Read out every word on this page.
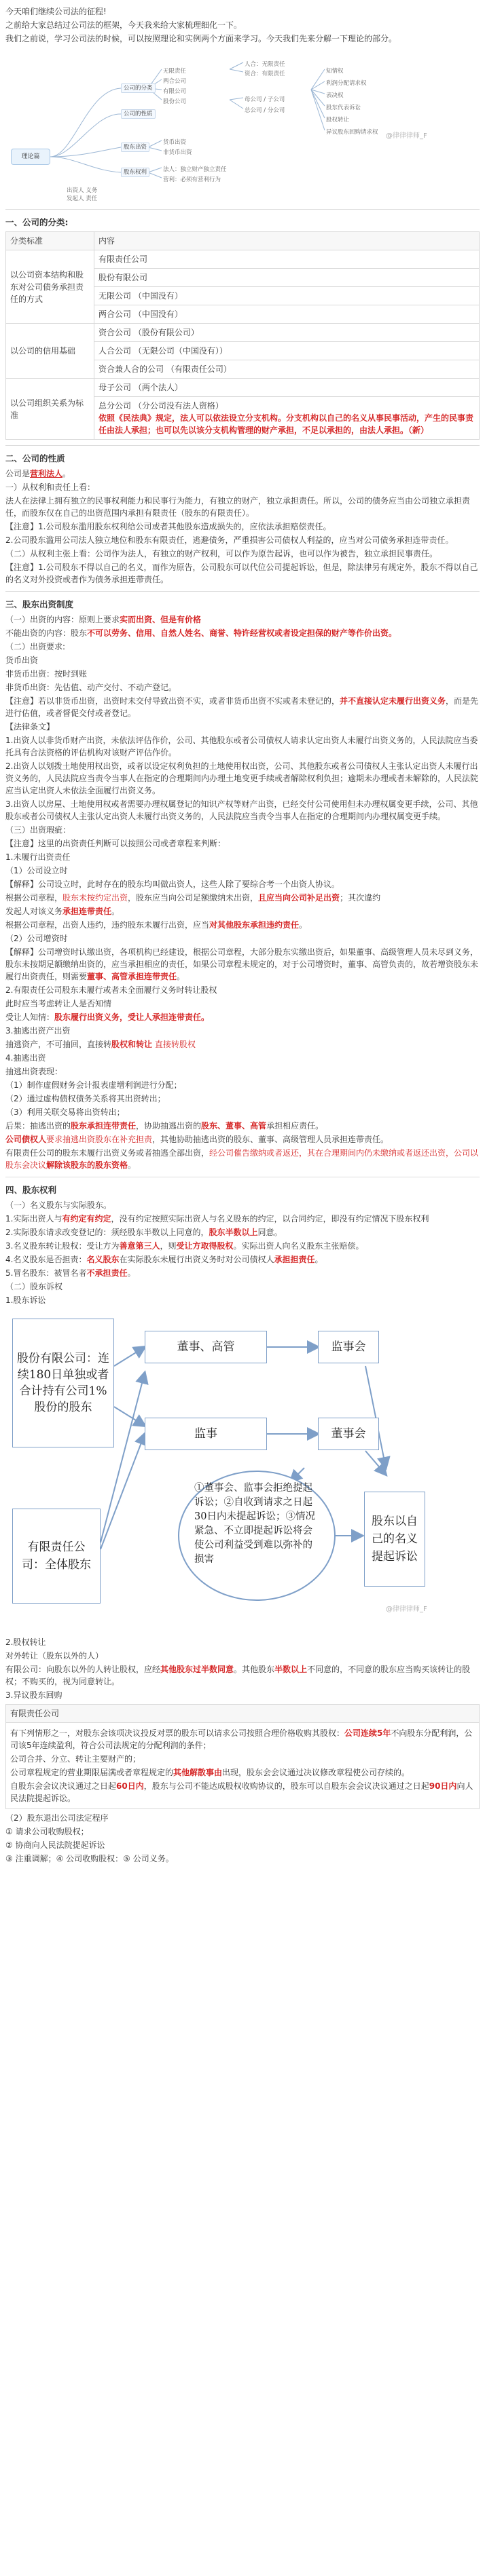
今天咱们继续公司法的征程!

之前给大家总结过公司法的框架，今天我来给大家梳理细化一下。

我们之前说，学习公司法的时候，可以按照理论和实例两个方面来学习。今天我们先来分解一下理论的部分。

理论篇
公司的分类
公司的性质
股东出资
股东权利
无限责任
两合公司
有限公司
股份公司
人合：无限责任
资合：有限责任
母公司 / 子公司
总公司 / 分公司
知情权
利润分配请求权
表决权
股东代表诉讼
股权转让
异议股东回购请求权
货币出资
非货币出资
法人：独立财产独立责任
营利：必须有营利行为
出资人 义务
发起人 责任
@律律律师_F
一、公司的分类:
分类标准	内容
以公司资本结构和股东对公司债务承担责任的方式	有限责任公司
	股份有限公司
	无限公司 （中国没有）
	两合公司 （中国没有）
以公司的信用基础	资合公司 （股份有限公司）
	人合公司 （无限公司（中国没有））
	资合兼人合的公司 （有限责任公司）
以公司组织关系为标准	母子公司 （两个法人）

	总分公司 （分公司没有法人资格）
依照《民法典》规定，法人可以依法设立分支机构。分支机构以自己的名义从事民事活动，产生的民事责任由法人承担；也可以先以该分支机构管理的财产承担，不足以承担的，由法人承担。（新）
二、公司的性质

公司是营利法人。

一）从权利和责任上看：

法人在法律上拥有独立的民事权利能力和民事行为能力，有独立的财产，独立承担责任。所以，公司的债务应当由公司独立承担责任，而股东仅在自己的出资范围内承担有限责任（股东的有限责任）。

【注意】1.公司股东滥用股东权利给公司或者其他股东造成损失的，应依法承担赔偿责任。

2.公司股东滥用公司法人独立地位和股东有限责任，逃避债务，严重损害公司债权人利益的，应当对公司债务承担连带责任。

（二）从权利主张上看：公司作为法人，有独立的财产权利，可以作为原告起诉，也可以作为被告，独立承担民事责任。

【注意】1.公司股东不得以自己的名义，而作为原告，公司股东可以代位公司提起诉讼，但是，除法律另有规定外，股东不得以自己的名义对外投资或者作为债务承担连带责任。

三、股东出资制度

（一）出资的内容：原则上要求实而出资、但是有价格

不能出资的内容：股东不可以劳务、信用、自然人姓名、商誉、特许经营权或者设定担保的财产等作价出资。

（二）出资要求:

货币出资

非货币出资：按时到账

非货币出资：先估值、动产交付、不动产登记。

【注意】若以非货币出资，出资时未交付导致出资不实，或者非货币出资不实或者未登记的，并不直接认定未履行出资义务，而是先进行估值，或者督促交付或者登记。

【法律条文】

1.出资人以非货币财产出资，未依法评估作价，公司、其他股东或者公司债权人请求认定出资人未履行出资义务的，人民法院应当委托具有合法资格的评估机构对该财产评估作价。

2.出资人以划拨土地使用权出资，或者以设定权利负担的土地使用权出资，公司、其他股东或者公司债权人主张认定出资人未履行出资义务的，人民法院应当责令当事人在指定的合理期间内办理土地变更手续或者解除权利负担；逾期未办理或者未解除的，人民法院应当认定出资人未依法全面履行出资义务。

3.出资人以房屋、土地使用权或者需要办理权属登记的知识产权等财产出资，已经交付公司使用但未办理权属变更手续，公司、其他股东或者公司债权人主张认定出资人未履行出资义务的，人民法院应当责令当事人在指定的合理期间内办理权属变更手续。

（三）出资瑕疵：

【注意】这里的出资责任判断可以按照公司或者章程来判断：

1.未履行出资责任

（1）公司设立时

【解释】公司设立时，此时存在的股东均叫做出资人，这些人除了要综合考一个出资人协议。

根据公司章程，股东未按约定出资，股东应当向公司足额缴纳未出资，且应当向公司补足出资；其次違约

发起人对该义务承担连带责任。

根据公司章程，出资人违约，违约股东未履行出资，应当对其他股东承担违约责任。

（2）公司增资时

【解释】公司增资时认缴出资，各项机构已经建设，根据公司章程，大部分股东实缴出资后，如果董事、高级管理人员未尽到义务，股东未按期足额缴纳出资的，应当承担相应的责任，如果公司章程未规定的，对于公司增资时，董事、高管负责的，故若增资股东未履行出资责任，则需要董事、高管承担连带责任。

2.有限责任公司股东未履行或者未全面履行义务时转让股权

此时应当考虑转让人是否知情

受让人知情：股东履行出资义务，受让人承担连带责任。

3.抽逃出资产出资

抽逃资产，不可抽回，直接转股权和转让 直接转股权

4.抽逃出资

抽逃出资表现：

（1）制作虚假财务会计报表虚增利润进行分配；

（2）通过虚构债权债务关系将其出资转出；

（3）利用关联交易将出资转出；

后果：抽逃出资的股东承担连带责任，协助抽逃出资的股东、董事、高管承担相应责任。

公司债权人要求抽逃出资股东在补充担责，其他协助抽逃出资的股东、董事、高级管理人员承担连带责任。

有限责任公司的股东未履行出资义务或者抽逃全部出资，经公司催告缴纳或者返还，其在合理期间内仍未缴纳或者返还出资，公司以股东会决议解除该股东的股东资格。

四、股东权利

（一）名义股东与实际股东。

1.实际出资人与有约定有约定，没有约定按照实际出资人与名义股东的约定，以合同约定，即没有约定情况下股东权利

2.实际股东请求改变登记的：须经股东半数以上同意的，股东半数以上同意。

3.名义股东转让股权：受让方为善意第三人，则受让方取得股权。实际出资人向名义股东主张赔偿。

4.名义股东是否担责：名义股东在实际股东未履行出资义务时对公司债权人承担担责任。

5.冒名股东：被冒名者不承担责任。

（二）股东诉权

1.股东诉讼

股份有限公司：连续180日单独或者合计持有公司1%股份的股东
有限责任公司：全体股东
董事、高管
监事
监事会
董事会
①董事会、监事会拒绝提起诉讼；②自收到请求之日起30日内未提起诉讼；③情况紧急、不立即提起诉讼将会使公司利益受到难以弥补的损害
股东以自己的名义提起诉讼
@律律律师_F

2.股权转让

对外转让（股东以外的人）

有限公司：向股东以外的人转让股权，应经其他股东过半数同意。其他股东半数以上不同意的，不同意的股东应当购买该转让的股权；不购买的，视为同意转让。

3.异议股东回购

有限责任公司

有下列情形之一，对股东会该项决议投反对票的股东可以请求公司按照合理价格收购其股权：公司连续5年不向股东分配利润，公司该5年连续盈利，符合公司法规定的分配利润的条件；

公司合并、分立、转让主要财产的；

公司章程规定的营业期限届满或者章程规定的其他解散事由出现，股东会会议通过决议修改章程使公司存续的。

自股东会会议决议通过之日起60日内，股东与公司不能达成股权收购协议的，股东可以自股东会会议决议通过之日起90日内向人民法院提起诉讼。

（2）股东退出公司法定程序

① 请求公司收购股权；

② 协商向人民法院提起诉讼

③ 注重调解；④ 公司收购股权：⑤ 公司义务。
